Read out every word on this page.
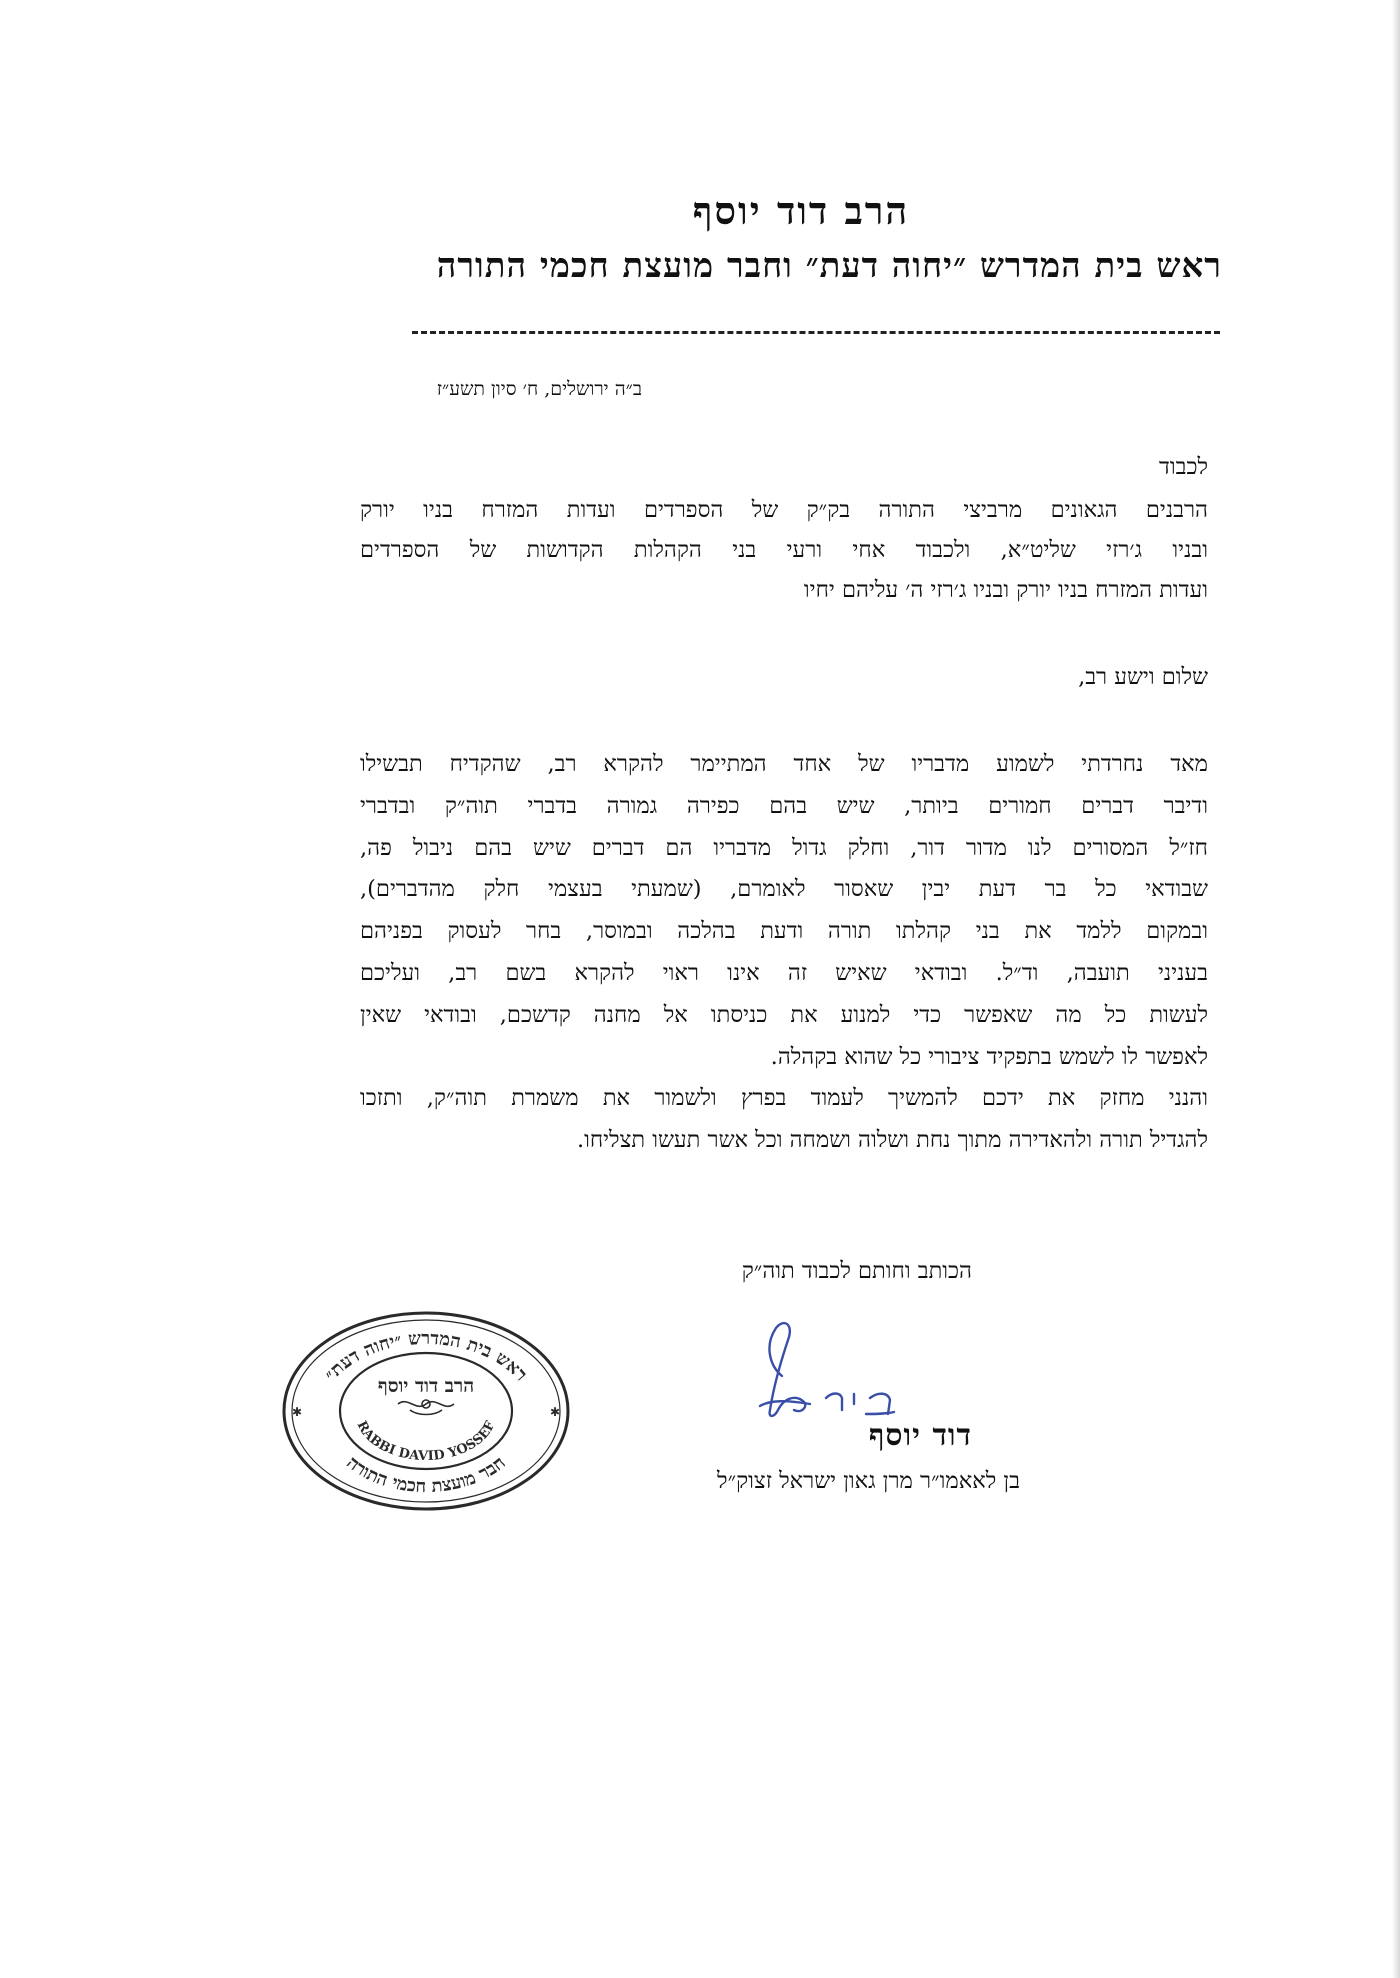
הרב דוד יוסף
ראש בית המדרש ״יחוה דעת״ וחבר מועצת חכמי התורה
ב״ה ירושלים, ח׳ סיון תשע״ז
לכבוד
הרבנים הגאונים מרביצי התורה בק״ק של הספרדים ועדות המזרח בניו יורק
ובניו ג׳רזי שליט״א, ולכבוד אחי ורעי בני הקהלות הקדושות של הספרדים
ועדות המזרח בניו יורק ובניו ג׳רזי ה׳ עליהם יחיו
שלום וישע רב,
מאד נחרדתי לשמוע מדבריו של אחד המתיימר להקרא רב, שהקדיח תבשילו
ודיבר דברים חמורים ביותר, שיש בהם כפירה גמורה בדברי תוה״ק ובדברי
חז״ל המסורים לנו מדור דור, וחלק גדול מדבריו הם דברים שיש בהם ניבול פה,
שבודאי כל בר דעת יבין שאסור לאומרם, (שמעתי בעצמי חלק מהדברים),
ובמקום ללמד את בני קהלתו תורה ודעת בהלכה ובמוסר, בחר לעסוק בפניהם
בעניני תועבה, וד״ל. ובודאי שאיש זה אינו ראוי להקרא בשם רב, ועליכם
לעשות כל מה שאפשר כדי למנוע את כניסתו אל מחנה קדשכם, ובודאי שאין
לאפשר לו לשמש בתפקיד ציבורי כל שהוא בקהלה.
והנני מחזק את ידכם להמשיך לעמוד בפרץ ולשמור את משמרת תוה״ק, ותזכו
להגדיל תורה ולהאדירה מתוך נחת ושלוה ושמחה וכל אשר תעשו תצליחו.
הכותב וחותם לכבוד תוה״ק
דוד יוסף
בן לאאמו״ר מרן גאון ישראל זצוק״ל
ראש בית המדרש ״יחוה דעת״
חבר מועצת חכמי התורה
הרב דוד יוסף
RABBI DAVID YOSSEF
✱	✱
